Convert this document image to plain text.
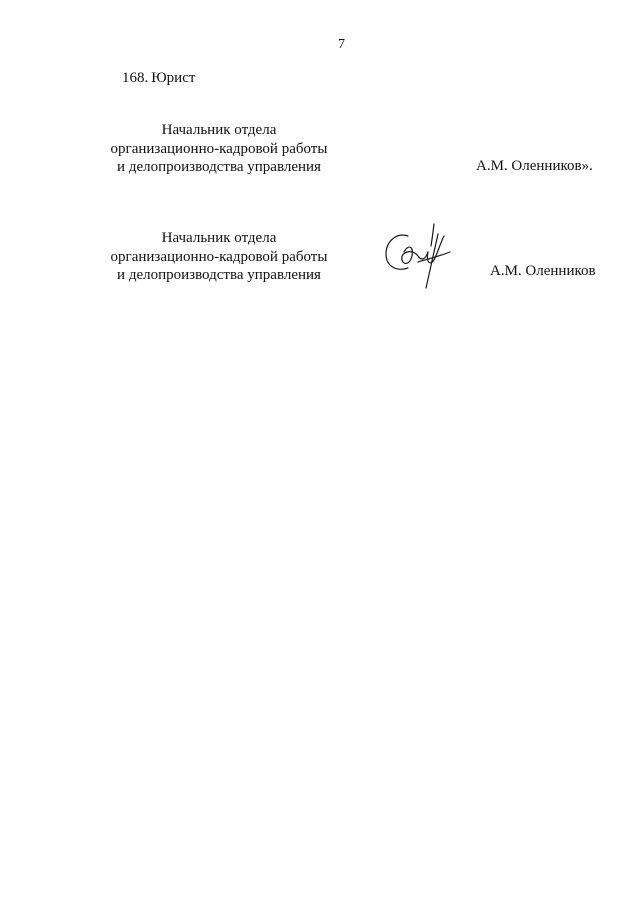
7
168. Юрист
Начальник отдела
организационно-кадровой работы
и делопроизводства управления	А.М. Оленников».
Начальник отдела
организационно-кадровой работы
и делопроизводства управления	А.М. Оленников
